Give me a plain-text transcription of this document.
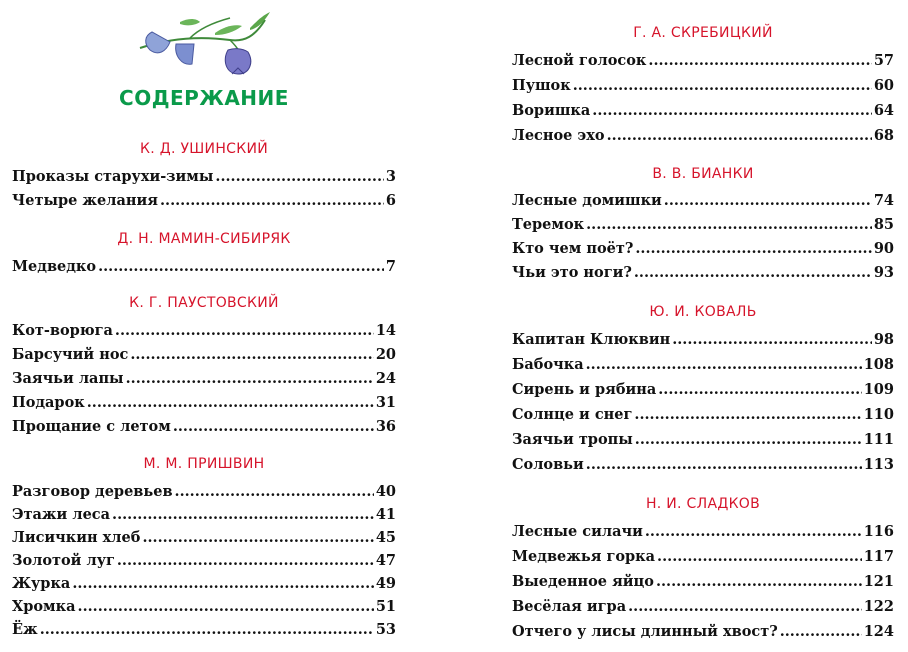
СОДЕРЖАНИЕ
К. Д. УШИНСКИЙ
Проказы старухи-зимы .....	3
Четыре желания .....	6
Д. Н. МАМИН-СИБИРЯК
Медведко .....	7
К. Г. ПАУСТОВСКИЙ
Кот-ворюга .....	14
Барсучий нос .....	20
Заячьи лапы .....	24
Подарок .....	31
Прощание с летом .....	36
М. М. ПРИШВИН
Разговор деревьев .....	40
Этажи леса .....	41
Лисичкин хлеб .....	45
Золотой луг .....	47
Журка .....	49
Хромка .....	51
Ёж .....	53
Г. А. СКРЕБИЦКИЙ
Лесной голосок .....	57
Пушок .....	60
Воришка .....	64
Лесное эхо .....	68
В. В. БИАНКИ
Лесные домишки .....	74
Теремок .....	85
Кто чем поёт? .....	90
Чьи это ноги? .....	93
Ю. И. КОВАЛЬ
Капитан Клюквин .....	98
Бабочка .....	108
Сирень и рябина .....	109
Солнце и снег .....	110
Заячьи тропы .....	111
Соловьи .....	113
Н. И. СЛАДКОВ
Лесные силачи .....	116
Медвежья горка .....	117
Выеденное яйцо .....	121
Весёлая игра .....	122
Отчего у лисы длинный хвост? .....	124
